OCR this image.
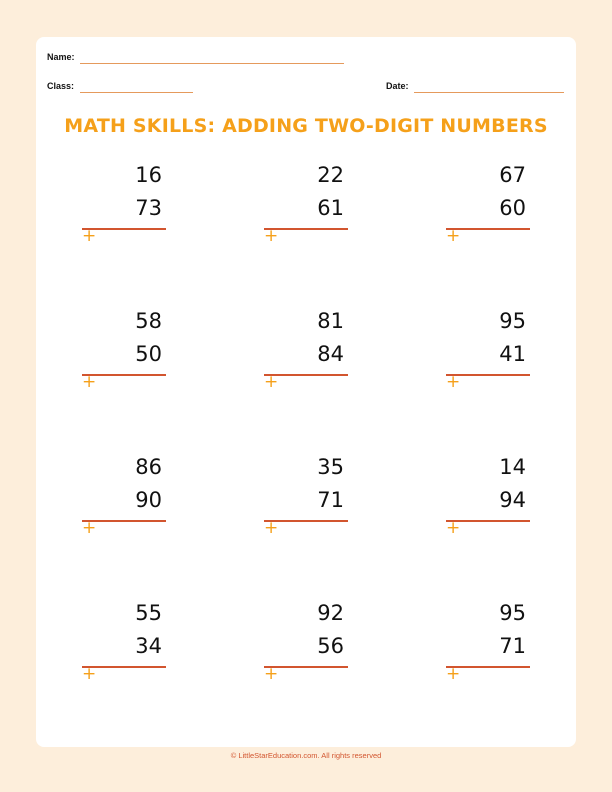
Name:
Class:	Date:
MATH SKILLS: ADDING TWO-DIGIT NUMBERS
16
73
+
22
61
+
67
60
+
58
50
+
81
84
+
95
41
+
86
90
+
35
71
+
14
94
+
55
34
+
92
56
+
95
71
+
© LittleStarEducation.com. All rights reserved
